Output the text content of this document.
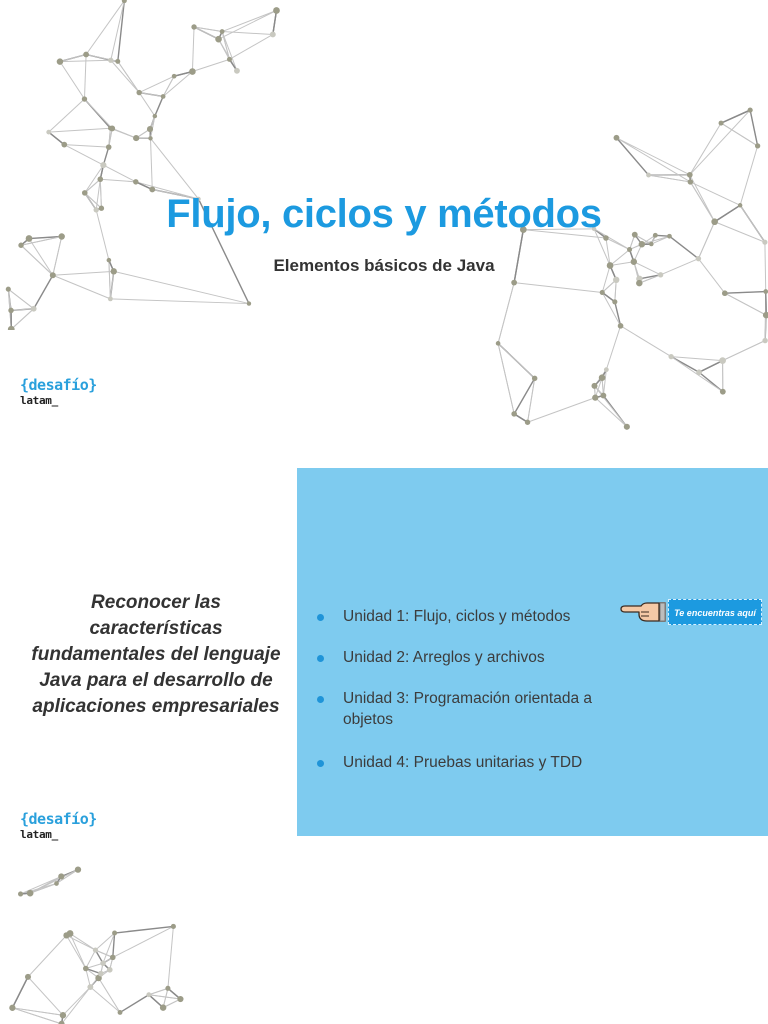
Flujo, ciclos y métodos
Elementos básicos de Java
{desafío}
latam_
Reconocer las características fundamentales del lenguaje Java para el desarrollo de aplicaciones empresariales
Unidad 1: Flujo, ciclos y métodos
Unidad 2: Arreglos y archivos
Unidad 3: Programación orientada a objetos
Unidad 4: Pruebas unitarias y TDD
Te encuentras aquí
{desafío}
latam_
